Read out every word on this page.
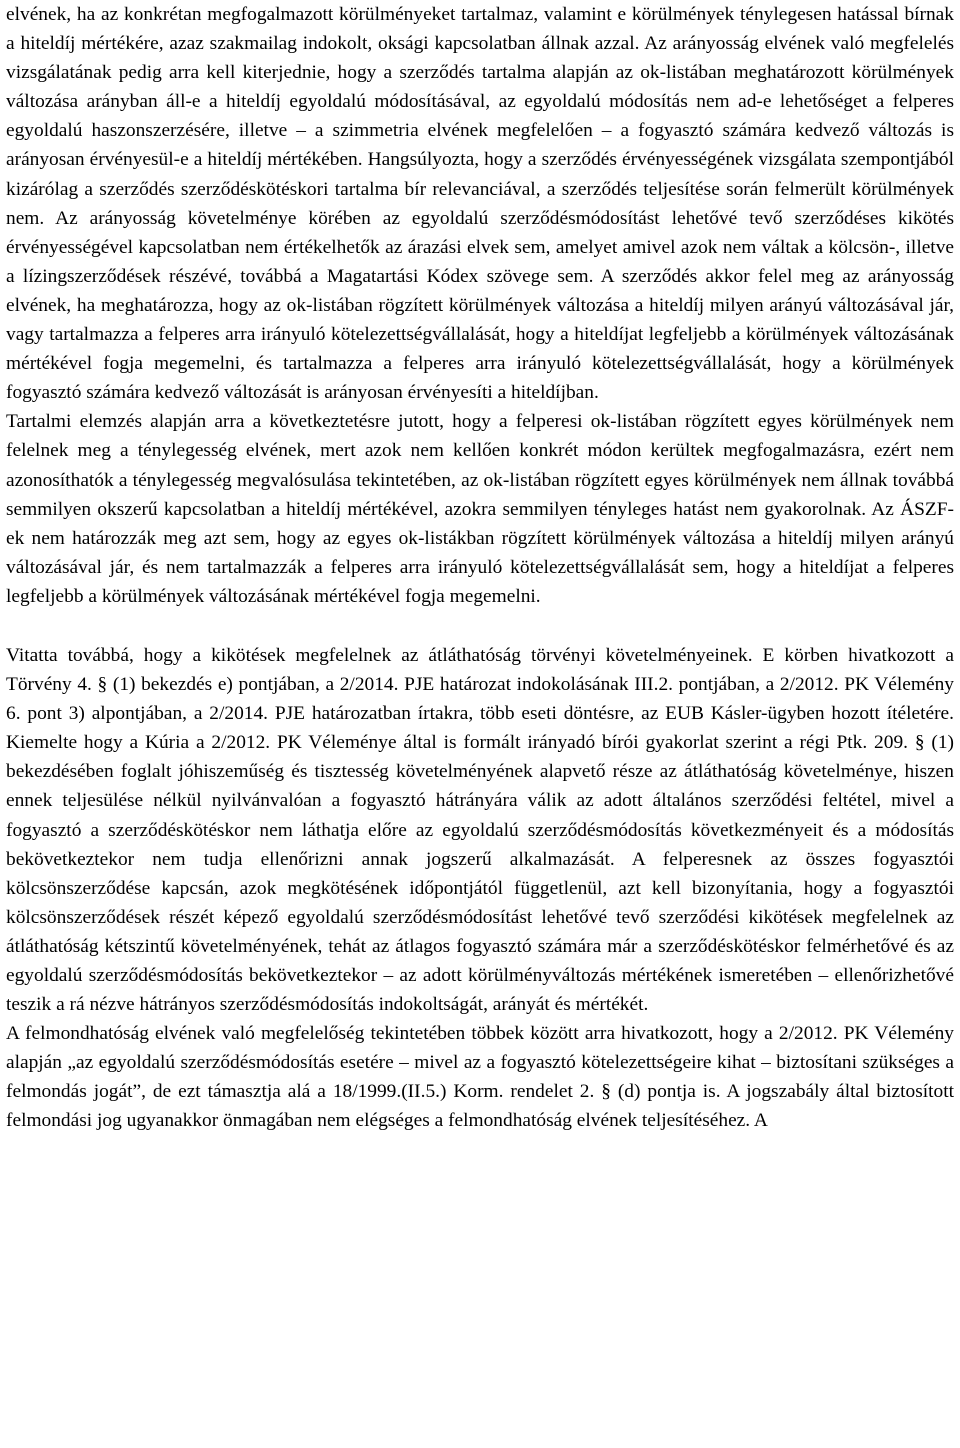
elvének, ha az konkrétan megfogalmazott körülményeket tartalmaz, valamint e körülmények ténylegesen hatással bírnak a hiteldíj mértékére, azaz szakmailag indokolt, oksági kapcsolatban állnak azzal. Az arányosság elvének való megfelelés vizsgálatának pedig arra kell kiterjednie, hogy a szerződés tartalma alapján az ok-listában meghatározott körülmények változása arányban áll-e a hiteldíj egyoldalú módosításával, az egyoldalú módosítás nem ad-e lehetőséget a felperes egyoldalú haszonszerzésére, illetve – a szimmetria elvének megfelelően – a fogyasztó számára kedvező változás is arányosan érvényesül-e a hiteldíj mértékében. Hangsúlyozta, hogy a szerződés érvényességének vizsgálata szempontjából kizárólag a szerződés szerződéskötéskori tartalma bír relevanciával, a szerződés teljesítése során felmerült körülmények nem. Az arányosság követelménye körében az egyoldalú szerződésmódosítást lehetővé tevő szerződéses kikötés érvényességével kapcsolatban nem értékelhetők az árazási elvek sem, amelyet amivel azok nem váltak a kölcsön-, illetve a lízingszerződések részévé, továbbá a Magatartási Kódex szövege sem. A szerződés akkor felel meg az arányosság elvének, ha meghatározza, hogy az ok-listában rögzített körülmények változása a hiteldíj milyen arányú változásával jár, vagy tartalmazza a felperes arra irányuló kötelezettségvállalását, hogy a hiteldíjat legfeljebb a körülmények változásának mértékével fogja megemelni, és tartalmazza a felperes arra irányuló kötelezettségvállalását, hogy a körülmények fogyasztó számára kedvező változását is arányosan érvényesíti a hiteldíjban.

Tartalmi elemzés alapján arra a következtetésre jutott, hogy a felperesi ok-listában rögzített egyes körülmények nem felelnek meg a ténylegesség elvének, mert azok nem kellően konkrét módon kerültek megfogalmazásra, ezért nem azonosíthatók a ténylegesség megvalósulása tekintetében, az ok-listában rögzített egyes körülmények nem állnak továbbá semmilyen okszerű kapcsolatban a hiteldíj mértékével, azokra semmilyen tényleges hatást nem gyakorolnak. Az ÁSZF-ek nem határozzák meg azt sem, hogy az egyes ok-listákban rögzített körülmények változása a hiteldíj milyen arányú változásával jár, és nem tartalmazzák a felperes arra irányuló kötelezettségvállalását sem, hogy a hiteldíjat a felperes legfeljebb a körülmények változásának mértékével fogja megemelni.

Vitatta továbbá, hogy a kikötések megfelelnek az átláthatóság törvényi követelményeinek. E körben hivatkozott a Törvény 4. § (1) bekezdés e) pontjában, a 2/2014. PJE határozat indokolásának III.2. pontjában, a 2/2012. PK Vélemény 6. pont 3) alpontjában, a 2/2014. PJE határozatban írtakra, több eseti döntésre, az EUB Kásler-ügyben hozott ítéletére. Kiemelte hogy a Kúria a 2/2012. PK Véleménye által is formált irányadó bírói gyakorlat szerint a régi Ptk. 209. § (1) bekezdésében foglalt jóhiszeműség és tisztesség követelményének alapvető része az átláthatóság követelménye, hiszen ennek teljesülése nélkül nyilvánvalóan a fogyasztó hátrányára válik az adott általános szerződési feltétel, mivel a fogyasztó a szerződéskötéskor nem láthatja előre az egyoldalú szerződésmódosítás következményeit és a módosítás bekövetkeztekor nem tudja ellenőrizni annak jogszerű alkalmazását. A felperesnek az összes fogyasztói kölcsönszerződése kapcsán, azok megkötésének időpontjától függetlenül, azt kell bizonyítania, hogy a fogyasztói kölcsönszerződések részét képező egyoldalú szerződésmódosítást lehetővé tevő szerződési kikötések megfelelnek az átláthatóság kétszintű követelményének, tehát az átlagos fogyasztó számára már a szerződéskötéskor felmérhetővé és az egyoldalú szerződésmódosítás bekövetkeztekor – az adott körülményváltozás mértékének ismeretében – ellenőrizhetővé teszik a rá nézve hátrányos szerződésmódosítás indokoltságát, arányát és mértékét.

A felmondhatóság elvének való megfelelőség tekintetében többek között arra hivatkozott, hogy a 2/2012. PK Vélemény alapján „az egyoldalú szerződésmódosítás esetére – mivel az a fogyasztó kötelezettségeire kihat – biztosítani szükséges a felmondás jogát”, de ezt támasztja alá a 18/1999.(II.5.) Korm. rendelet 2. § (d) pontja is. A jogszabály által biztosított felmondási jog ugyanakkor önmagában nem elégséges a felmondhatóság elvének teljesítéséhez. A
